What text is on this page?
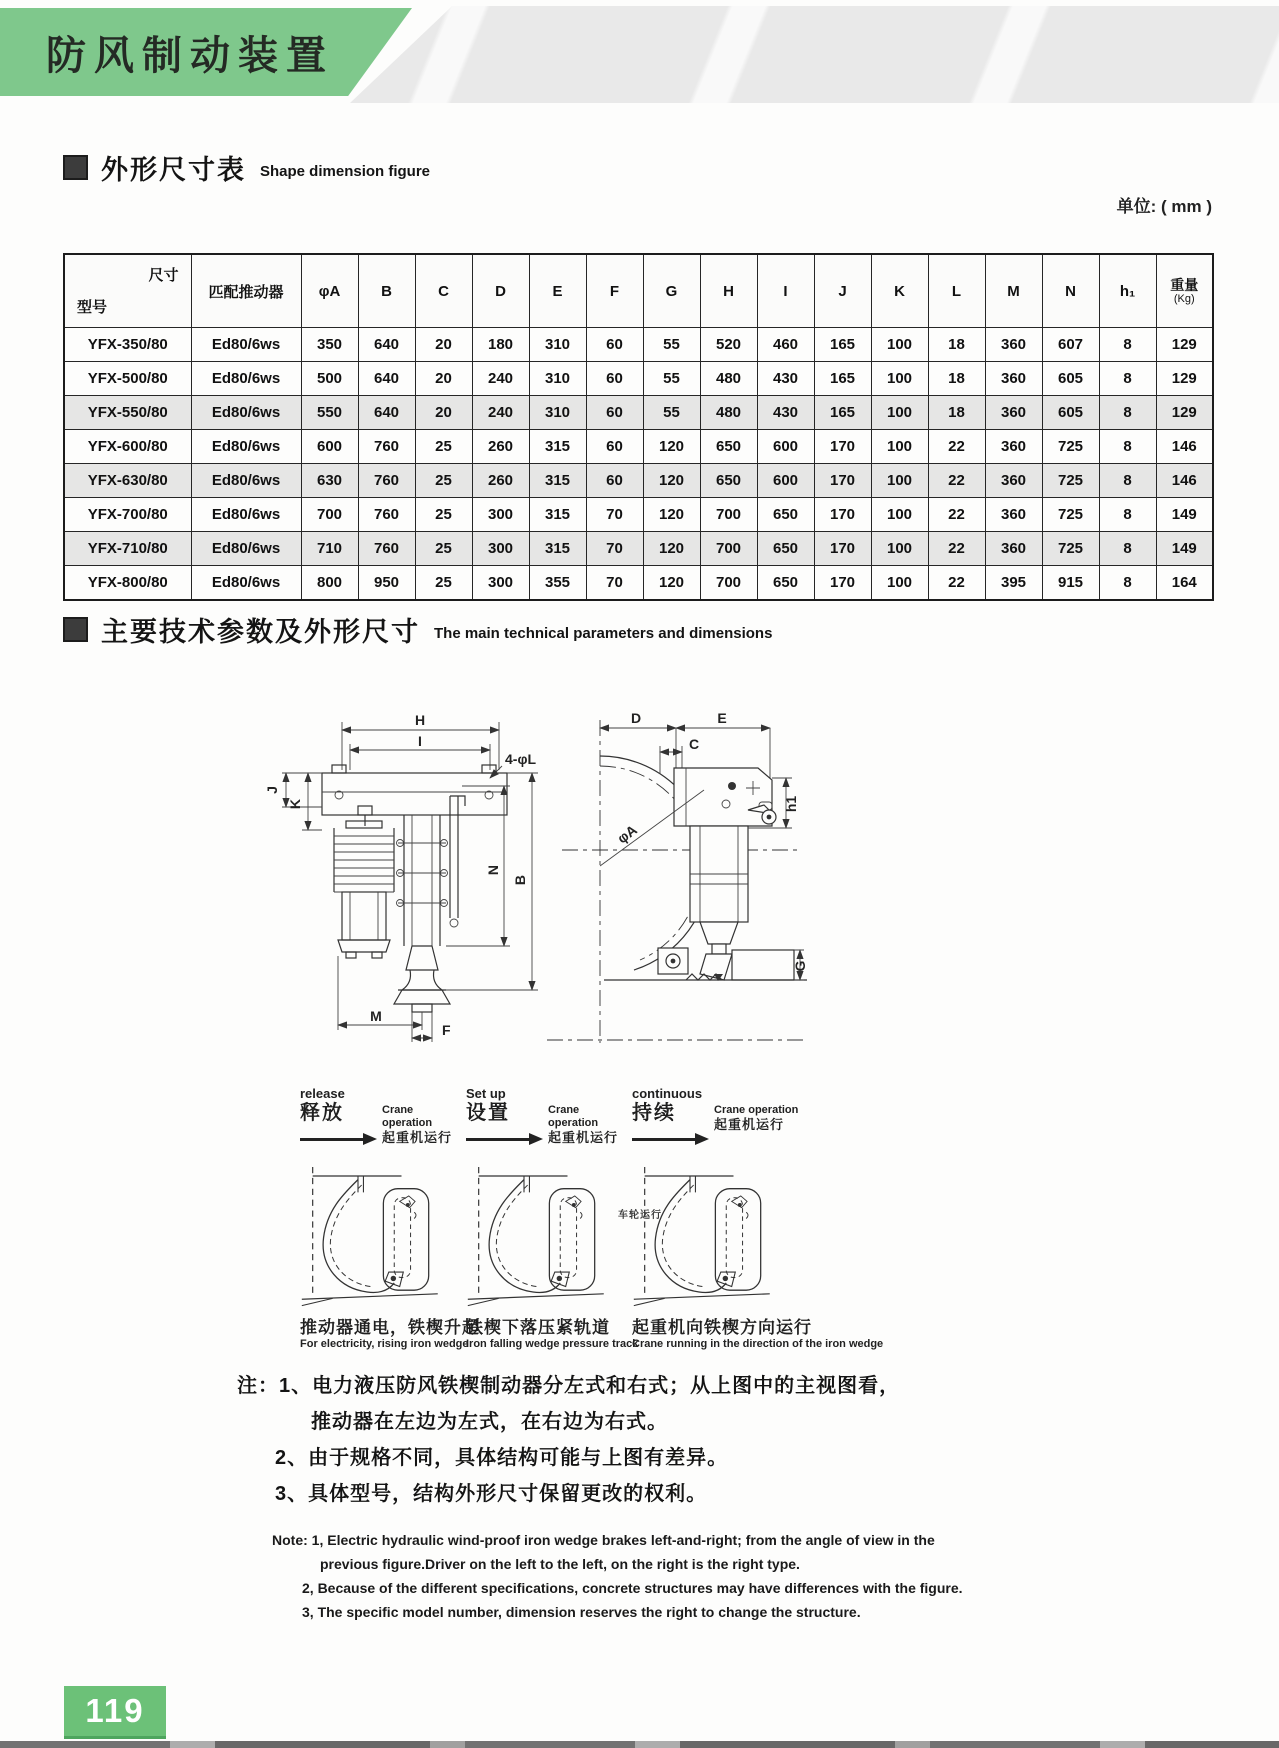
防风制动装置
外形尺寸表 Shape dimension figure
单位: ( mm )
尺寸
型号	匹配推动器	φA	B	C	D	E	F	G	H	I	J	K	L	M	N	h₁	重量
(Kg)

YFX-350/80	Ed80/6ws	350	640	20	180	310	60	55	520	460	165	100	18	360	607	8	129
YFX-500/80	Ed80/6ws	500	640	20	240	310	60	55	480	430	165	100	18	360	605	8	129
YFX-550/80	Ed80/6ws	550	640	20	240	310	60	55	480	430	165	100	18	360	605	8	129
YFX-600/80	Ed80/6ws	600	760	25	260	315	60	120	650	600	170	100	22	360	725	8	146
YFX-630/80	Ed80/6ws	630	760	25	260	315	60	120	650	600	170	100	22	360	725	8	146
YFX-700/80	Ed80/6ws	700	760	25	300	315	70	120	700	650	170	100	22	360	725	8	149
YFX-710/80	Ed80/6ws	710	760	25	300	315	70	120	700	650	170	100	22	360	725	8	149
YFX-800/80	Ed80/6ws	800	950	25	300	355	70	120	700	650	170	100	22	395	915	8	164
主要技术参数及外形尺寸 The main technical parameters and dimensions
H
I
4-φL
J
K
N
B
M
F
D	E
C
h1
φA
G
release
释放	Crane operation
起重机运行
推动器通电，铁楔升起
For electricity, rising iron wedge
Set up
设置	Crane operation
起重机运行
铁楔下落压紧轨道
Iron falling wedge pressure track
车轮运行
continuous
持续	Crane operation
起重机运行
起重机向铁楔方向运行
Crane running in the direction of the iron wedge
注：1、电力液压防风铁楔制动器分左式和右式；从上图中的主视图看，
推动器在左边为左式，在右边为右式。
2、由于规格不同，具体结构可能与上图有差异。
3、具体型号，结构外形尺寸保留更改的权利。
Note: 1, Electric hydraulic wind-proof iron wedge brakes left-and-right; from the angle of view in the
previous figure.Driver on the left to the left, on the right is the right type.
2, Because of the different specifications, concrete structures may have differences with the figure.
3, The specific model number, dimension reserves the right to change the structure.
119
